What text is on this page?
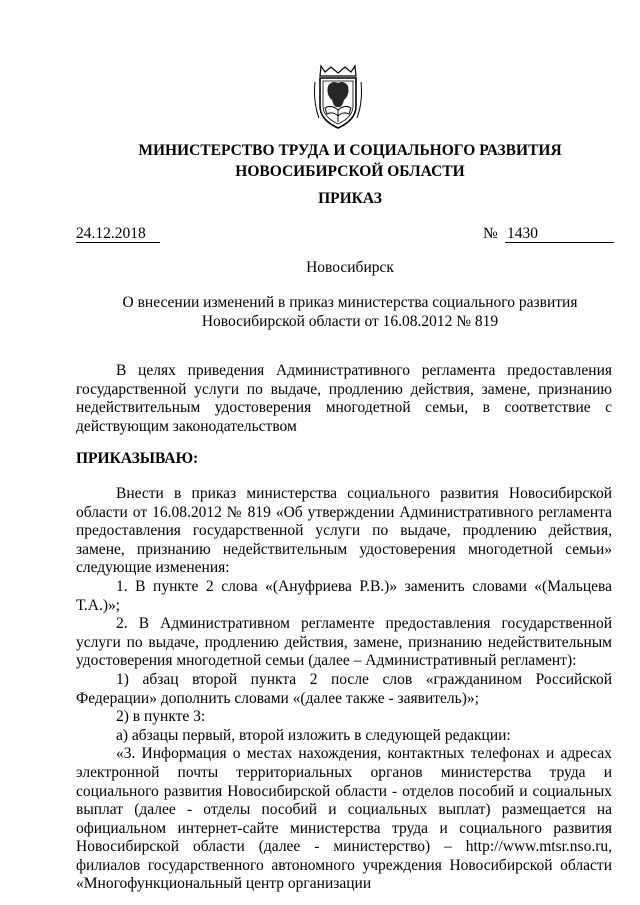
МИНИСТЕРСТВО ТРУДА И СОЦИАЛЬНОГО РАЗВИТИЯ
НОВОСИБИРСКОЙ ОБЛАСТИ
ПРИКАЗ
24.12.2018	№ 1430
Новосибирск
О внесении изменений в приказ министерства социального развития
Новосибирской области от 16.08.2012 № 819

В целях приведения Административного регламента предоставления государственной услуги по выдаче, продлению действия, замене, признанию недействительным удостоверения многодетной семьи, в соответствие с действующим законодательством

ПРИКАЗЫВАЮ:

Внести в приказ министерства социального развития Новосибирской области от 16.08.2012 № 819 «Об утверждении Административного регламента предоставления государственной услуги по выдаче, продлению действия, замене, признанию недействительным удостоверения многодетной семьи» следующие изменения:

1. В пункте 2 слова «(Ануфриева Р.В.)» заменить словами «(Мальцева Т.А.)»;

2. В Административном регламенте предоставления государственной услуги по выдаче, продлению действия, замене, признанию недействительным удостоверения многодетной семьи (далее – Административный регламент):

1) абзац второй пункта 2 после слов «гражданином Российской Федерации» дополнить словами «(далее также - заявитель)»;

2) в пункте 3:

а) абзацы первый, второй изложить в следующей редакции:

«3. Информация о местах нахождения, контактных телефонах и адресах электронной почты территориальных органов министерства труда и социального развития Новосибирской области - отделов пособий и социальных выплат (далее - отделы пособий и социальных выплат) размещается на официальном интернет-сайте министерства труда и социального развития Новосибирской области (далее - министерство) – http://www.mtsr.nso.ru, филиалов государственного автономного учреждения Новосибирской области «Многофункциональный центр организации
